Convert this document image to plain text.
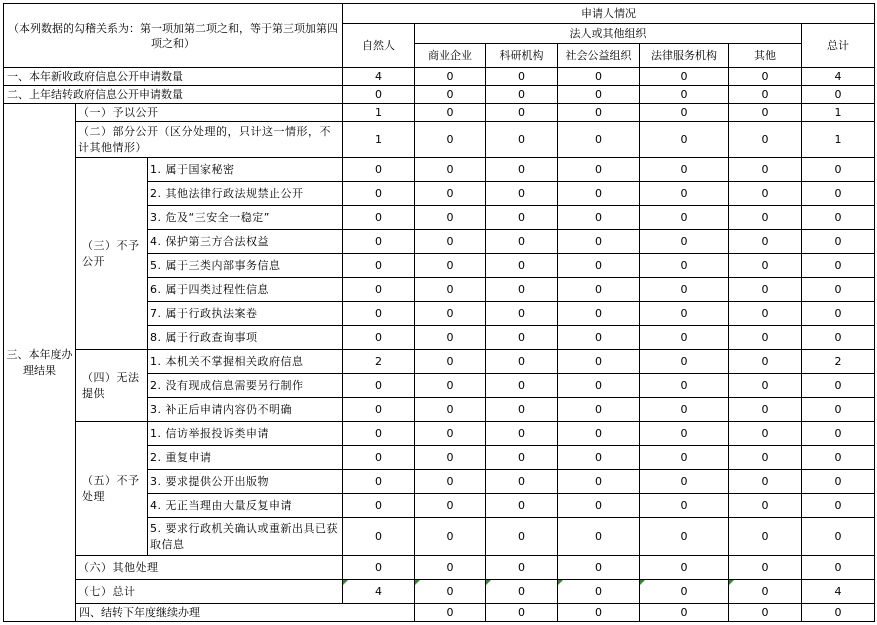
（本列数据的勾稽关系为：第一项加第二项之和，等于第三项加第四项之和）			申请人情况							
			自然人	法人或其他组织					总计	
				商业企业	科研机构	社会公益组织	法律服务机构	其他		
一、本年新收政府信息公开申请数量			4	0	0	0	0	0	4	
二、上年结转政府信息公开申请数量			0	0	0	0	0	0	0	
三、本年度办理结果	（一）予以公开		1	0	0	0	0	0	1	
	（二）部分公开（区分处理的，只计这一情形，不计其他情形）		1	0	0	0	0	0	1	
	（三）不予公开	1. 属于国家秘密	0	0	0	0	0	0	0	
		2. 其他法律行政法规禁止公开	0	0	0	0	0	0	0	
		3. 危及“三安全一稳定”	0	0	0	0	0	0	0	
		4. 保护第三方合法权益	0	0	0	0	0	0	0	
		5. 属于三类内部事务信息	0	0	0	0	0	0	0	
		6. 属于四类过程性信息	0	0	0	0	0	0	0	
		7. 属于行政执法案卷	0	0	0	0	0	0	0	
		8. 属于行政查询事项	0	0	0	0	0	0	0	
	（四）无法提供	1. 本机关不掌握相关政府信息	2	0	0	0	0	0	2	
		2. 没有现成信息需要另行制作	0	0	0	0	0	0	0	
		3. 补正后申请内容仍不明确	0	0	0	0	0	0	0	
	（五）不予处理	1. 信访举报投诉类申请	0	0	0	0	0	0	0	
		2. 重复申请	0	0	0	0	0	0	0	
		3. 要求提供公开出版物	0	0	0	0	0	0	0	
		4. 无正当理由大量反复申请	0	0	0	0	0	0	0	
		5. 要求行政机关确认或重新出具已获取信息	0	0	0	0	0	0	0	
	（六）其他处理		0	0	0	0	0	0	0	
	（七）总计		4	0	0	0	0	0	4	
	四、结转下年度继续办理			0	0	0	0	0	0	
